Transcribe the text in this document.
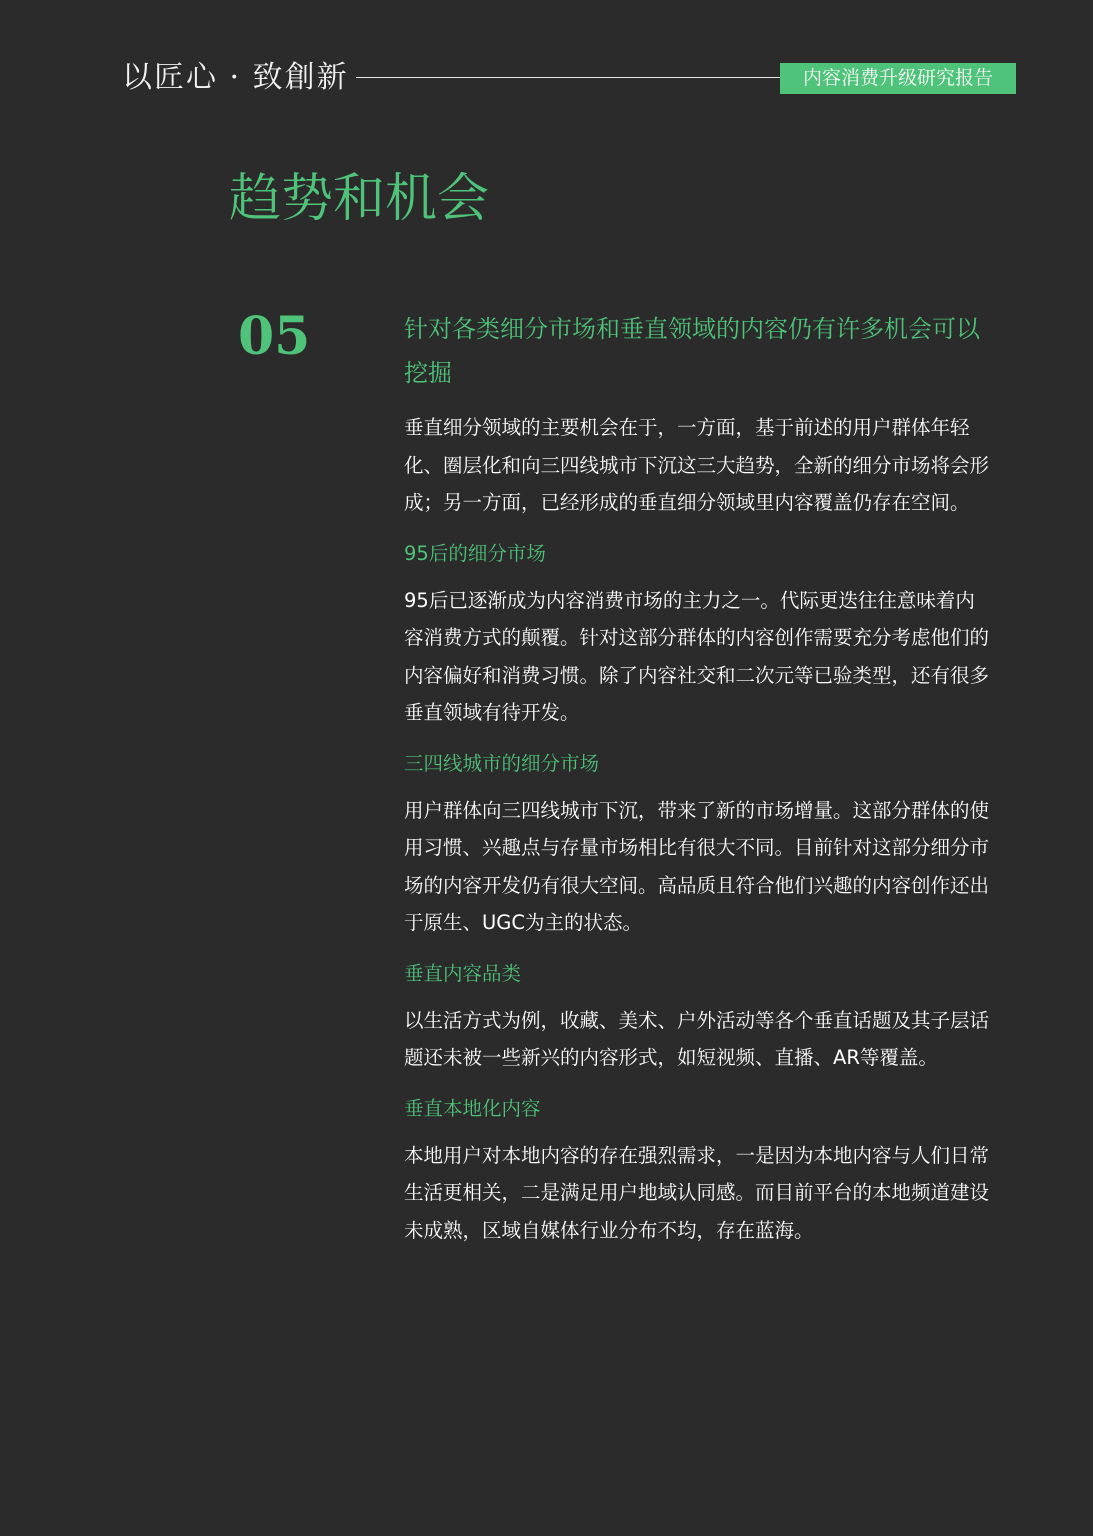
以匠心 · 致創新	内容消费升级研究报告
趋势和机会
05	针对各类细分市场和垂直领域的内容仍有许多机会可以挖掘

垂直细分领域的主要机会在于，一方面，基于前述的用户群体年轻化、圈层化和向三四线城市下沉这三大趋势，全新的细分市场将会形成；另一方面，已经形成的垂直细分领域里内容覆盖仍存在空间。

95后的细分市场

95后已逐渐成为内容消费市场的主力之一。代际更迭往往意味着内容消费方式的颠覆。针对这部分群体的内容创作需要充分考虑他们的内容偏好和消费习惯。除了内容社交和二次元等已验类型，还有很多垂直领域有待开发。

三四线城市的细分市场

用户群体向三四线城市下沉，带来了新的市场增量。这部分群体的使用习惯、兴趣点与存量市场相比有很大不同。目前针对这部分细分市场的内容开发仍有很大空间。高品质且符合他们兴趣的内容创作还出于原生、UGC为主的状态。

垂直内容品类

以生活方式为例，收藏、美术、户外活动等各个垂直话题及其子层话题还未被一些新兴的内容形式，如短视频、直播、AR等覆盖。

垂直本地化内容

本地用户对本地内容的存在强烈需求，一是因为本地内容与人们日常生活更相关，二是满足用户地域认同感。而目前平台的本地频道建设未成熟，区域自媒体行业分布不均，存在蓝海。
